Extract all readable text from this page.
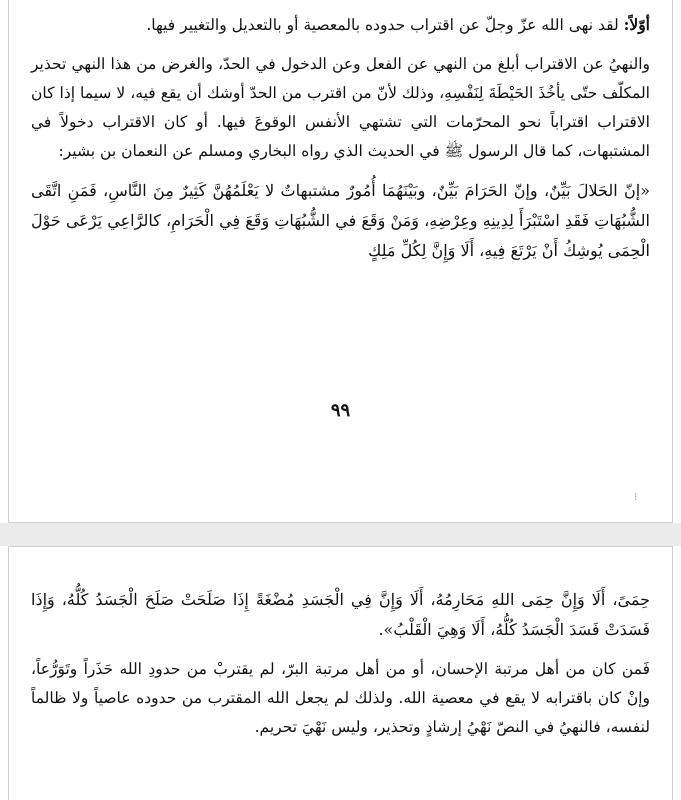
أوّلاً: لقد نهى الله عزّ وجلّ عن اقتراب حدوده بالمعصية أو بالتعديل والتغيير فيها.

والنهيُ عن الاقتراب أبلغ من النهي عن الفعل وعن الدخول في الحدّ، والغرض من هذا النهي تحذير المكلّف حتّى يأخُذَ الحَيْطَةَ لِنَفْسِهِ، وذلك لأنّ من اقترب من الحدّ أوشك أن يقع فيه، لا سيما إذا كان الاقتراب اقتراباً نحو المحرّمات التي تشتهي الأنفس الوقوعَ فيها. أو كان الاقتراب دخولاً في المشتبهات، كما قال الرسول ﷺ في الحديث الذي رواه البخاري ومسلم عن النعمان بن بشير:

«إنّ الحَلالَ بَيِّنٌ، وإنّ الحَرَامَ بَيِّنٌ، وبَيْنَهُمَا أُمُورٌ مشتبهاتٌ لا يَعْلَمُهُنَّ كَثِيرٌ مِنَ النَّاسِ، فَمَنِ اتَّقَى الشُّبُهَاتِ فَقَدِ اسْتَبْرَأَ لِدِينِهِ وعِرْضِهِ، وَمَنْ وَقَعَ في الشُّبُهَاتِ وَقَعَ فِي الْحَرَامِ، كالرَّاعِي يَرْعَى حَوْلَ الْحِمَى يُوشِكُ أَنْ يَرْتَعَ فِيهِ، أَلَا وَإِنَّ لِكُلِّ مَلِكٍ

٩٩
⁝

حِمَىً، أَلَا وَإِنَّ حِمَى اللهِ مَحَارِمُهُ، أَلَا وَإِنَّ فِي الْجَسَدِ مُضْغَةً إِذَا صَلَحَتْ صَلَحَ الْجَسَدُ كُلُّهُ، وَإِذَا فَسَدَتْ فَسَدَ الْجَسَدُ كُلُّهُ، أَلَا وَهِيَ الْقَلْبُ».

فَمن كان من أهل مرتبة الإحسان، أو من أهل مرتبة البرّ، لم يقتربْ من حدودِ الله حَذَراً وتَوَرُّعاً، وإنْ كان باقترابه لا يقع في معصية الله. ولذلك لم يجعل الله المقترب من حدوده عاصياً ولا ظالماً لنفسه، فالنهيُ في النصّ نَهْيُ إرشادٍ وتحذير، وليس نَهْيَ تحريم.
